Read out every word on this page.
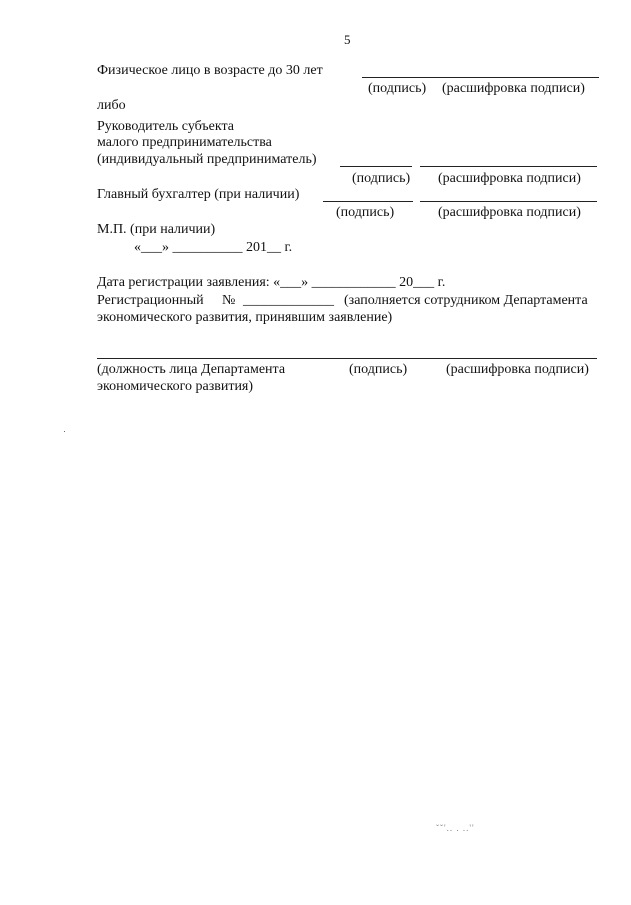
5
Физическое лицо в возрасте до 30 лет
(подпись) (расшифровка подписи)
либо
Руководитель субъекта
малого предпринимательства
(индивидуальный предприниматель)
(подпись) (расшифровка подписи)
Главный бухгалтер (при наличии)
(подпись)	(расшифровка подписи)
М.П. (при наличии)
«___» __________ 201__ г.
Дата регистрации заявления: «___» ____________ 20___ г.
Регистрационный № _____________ (заполняется сотрудником Департамента
экономического развития, принявшим заявление)
(должность лица Департамента	(подпись)	(расшифровка подписи)
экономического развития)
ˇˇ'.. . ..''
